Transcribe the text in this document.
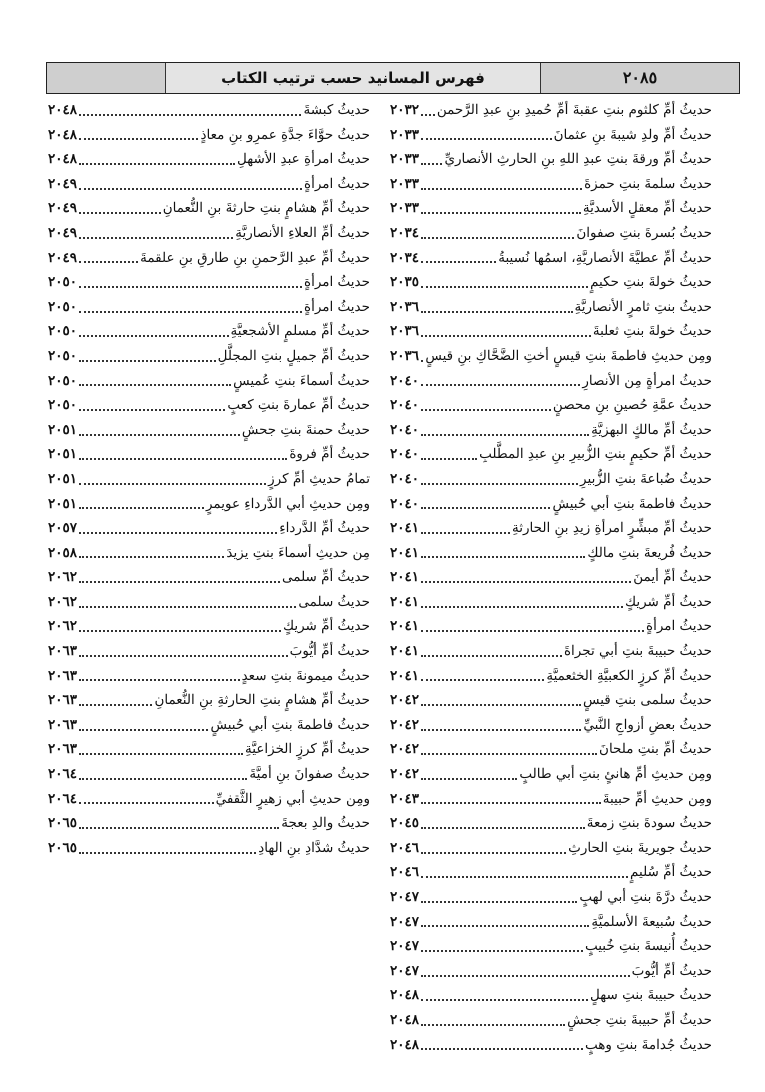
٢٠٨٥
فهرس المسانيد حسب ترتيب الكتاب
حديثُ أمِّ كلثوم بنتِ عقبةَ أمِّ حُميدِ بنِ عبدِ الرَّحمن
٢٠٣٢
حديثُ أمِّ ولدِ شيبةَ بنِ عثمانَ
٢٠٣٣
حديثُ أمِّ ورقةَ بنتِ عبدِ اللهِ بنِ الحارثِ الأنصاريِّ
٢٠٣٣
حديثُ سلمةَ بنتِ حمزةَ
٢٠٣٣
حديثُ أمِّ معقلٍ الأسديَّةِ
٢٠٣٣
حديثُ بُسرةَ بنتِ صفوانَ
٢٠٣٤
حديثُ أمِّ عطيَّةَ الأنصاريَّةِ، اسمُها نُسيبةُ
٢٠٣٤
حديثُ خولةَ بنتِ حكيمٍ
٢٠٣٥
حديثُ بنتِ ثامرٍ الأنصاريَّةِ
٢٠٣٦
حديثُ خولةَ بنتِ ثعلبةَ
٢٠٣٦
ومِن حديثِ فاطمةَ بنتِ قيسٍ أختِ الضَّحَّاكِ بنِ قيسٍ
٢٠٣٦
حديثُ امرأةٍ مِن الأنصارِ
٢٠٤٠
حديثُ عمَّةِ حُصينِ بنِ محصنٍ
٢٠٤٠
حديثُ أمِّ مالكٍ البهزيَّةِ
٢٠٤٠
حديثُ أمِّ حكيمٍ بنتِ الزُّبيرِ بنِ عبدِ المطَّلبِ
٢٠٤٠
حديثُ ضُباعةَ بنتِ الزُّبيرِ
٢٠٤٠
حديثُ فاطمةَ بنتِ أبي حُبيشٍ
٢٠٤٠
حديثُ أمِّ مبشِّرٍ امرأةِ زيدِ بنِ الحارثةِ
٢٠٤١
حديثُ فُريعةَ بنتِ مالكٍ
٢٠٤١
حديثُ أمِّ أيمنَ
٢٠٤١
حديثُ أمِّ شريكٍ
٢٠٤١
حديثُ امرأةٍ
٢٠٤١
حديثُ حبيبةَ بنتِ أبي تجراةَ
٢٠٤١
حديثُ أمِّ كرزٍ الكعبيَّةِ الخثعميَّةِ
٢٠٤١
حديثُ سلمى بنتِ قيسٍ
٢٠٤٢
حديثُ بعضِ أزواجِ النَّبيِّ
٢٠٤٢
حديثُ أمِّ بنتِ ملحانَ
٢٠٤٢
ومِن حديثِ أمِّ هانئٍ بنتِ أبي طالبٍ
٢٠٤٢
ومِن حديثِ أمِّ حبيبةَ
٢٠٤٣
حديثُ سودةَ بنتِ زمعةَ
٢٠٤٥
حديثُ جويريةَ بنتِ الحارثِ
٢٠٤٦
حديثُ أمِّ سُليمٍ
٢٠٤٦
حديثُ درَّةَ بنتِ أبي لهبٍ
٢٠٤٧
حديثُ سُبيعةَ الأسلميَّةِ
٢٠٤٧
حديثُ أُنيسةَ بنتِ خُبيبٍ
٢٠٤٧
حديثُ أمِّ أيُّوبَ
٢٠٤٧
حديثُ حبيبةَ بنتِ سهلٍ
٢٠٤٨
حديثُ أمِّ حبيبةَ بنتِ جحشٍ
٢٠٤٨
حديثُ جُدامةَ بنتِ وهبٍ
٢٠٤٨
حديثُ كبشةَ
٢٠٤٨
حديثُ حوَّاءَ جدَّةِ عمرِو بنِ معاذٍ
٢٠٤٨
حديثُ امرأةِ عبدِ الأشهلِ
٢٠٤٨
حديثُ امرأةٍ
٢٠٤٩
حديثُ أمِّ هشامٍ بنتِ حارثةَ بنِ النُّعمانِ
٢٠٤٩
حديثُ أمِّ العلاءِ الأنصاريَّةِ
٢٠٤٩
حديثُ أمِّ عبدِ الرَّحمنِ بنِ طارقِ بنِ علقمةَ
٢٠٤٩
حديثُ امرأةٍ
٢٠٥٠
حديثُ امرأةٍ
٢٠٥٠
حديثُ أمِّ مسلمٍ الأشجعيَّةِ
٢٠٥٠
حديثُ أمِّ جميلٍ بنتِ المجلَّلِ
٢٠٥٠
حديثُ أسماءَ بنتِ عُميسٍ
٢٠٥٠
حديثُ أمِّ عمارةَ بنتِ كعبٍ
٢٠٥٠
حديثُ حمنةَ بنتِ جحشٍ
٢٠٥١
حديثُ أمِّ فروةَ
٢٠٥١
تمامُ حديثِ أمِّ كرزٍ
٢٠٥١
ومِن حديثِ أبي الدَّرداءِ عويمرٍ
٢٠٥١
حديثُ أمِّ الدَّرداءِ
٢٠٥٧
مِن حديثِ أسماءَ بنتِ يزيدَ
٢٠٥٨
حديثُ أمِّ سلمى
٢٠٦٢
حديثُ سلمى
٢٠٦٢
حديثُ أمِّ شريكٍ
٢٠٦٢
حديثُ أمِّ أيُّوبَ
٢٠٦٣
حديثُ ميمونةَ بنتِ سعدٍ
٢٠٦٣
حديثُ أمِّ هشامٍ بنتِ الحارثةِ بنِ النُّعمانِ
٢٠٦٣
حديثُ فاطمةَ بنتِ أبي حُبيشٍ
٢٠٦٣
حديثُ أمِّ كرزٍ الخزاعيَّةِ
٢٠٦٣
حديثُ صفوانَ بنِ أميَّةَ
٢٠٦٤
ومِن حديثِ أبي زهيرٍ الثَّقفيِّ
٢٠٦٤
حديثُ والدِ بعجةَ
٢٠٦٥
حديثُ شدَّادِ بنِ الهادِ
٢٠٦٥
